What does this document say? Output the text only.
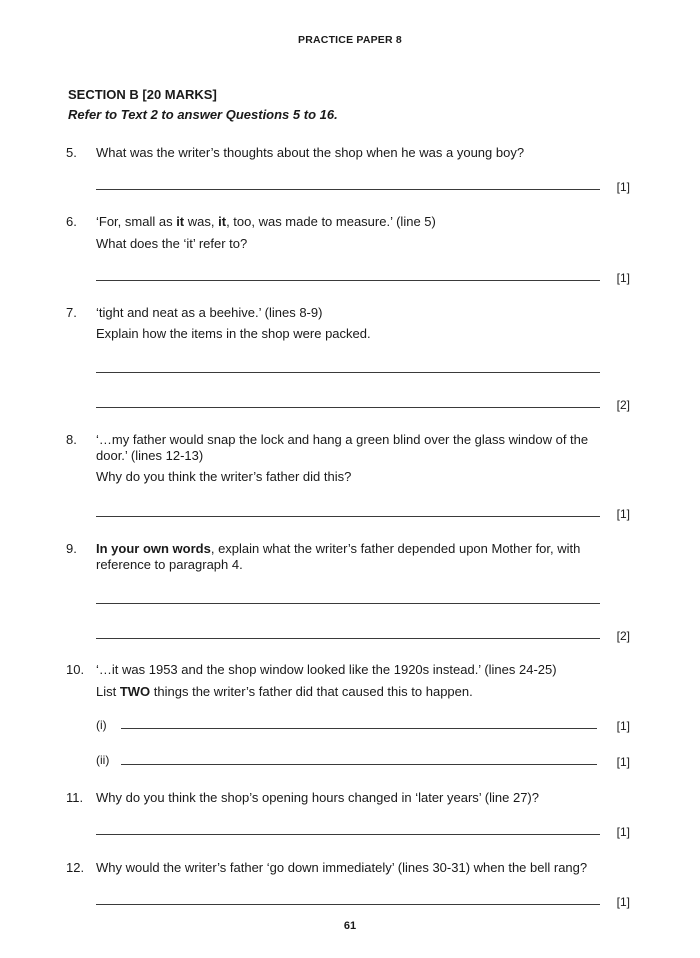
PRACTICE PAPER 8
SECTION B [20 MARKS]
Refer to Text 2 to answer Questions 5 to 16.
5.	What was the writer’s thoughts about the shop when he was a young boy?
[1]
6.	‘For, small as it was, it, too, was made to measure.’ (line 5)
What does the ‘it’ refer to?
[1]
7.	‘tight and neat as a beehive.’ (lines 8-9)
Explain how the items in the shop were packed.
[2]
8.	‘…my father would snap the lock and hang a green blind over the glass window of the
door.’ (lines 12-13)
Why do you think the writer’s father did this?
[1]
9.	In your own words, explain what the writer’s father depended upon Mother for, with
reference to paragraph 4.
[2]
10. ‘…it was 1953 and the shop window looked like the 1920s instead.’ (lines 24-25)
List TWO things the writer’s father did that caused this to happen.
(i)	[1]
(ii)	[1]
11. Why do you think the shop’s opening hours changed in ‘later years’ (line 27)?
[1]
12. Why would the writer’s father ‘go down immediately’ (lines 30-31) when the bell rang?
[1]
61
